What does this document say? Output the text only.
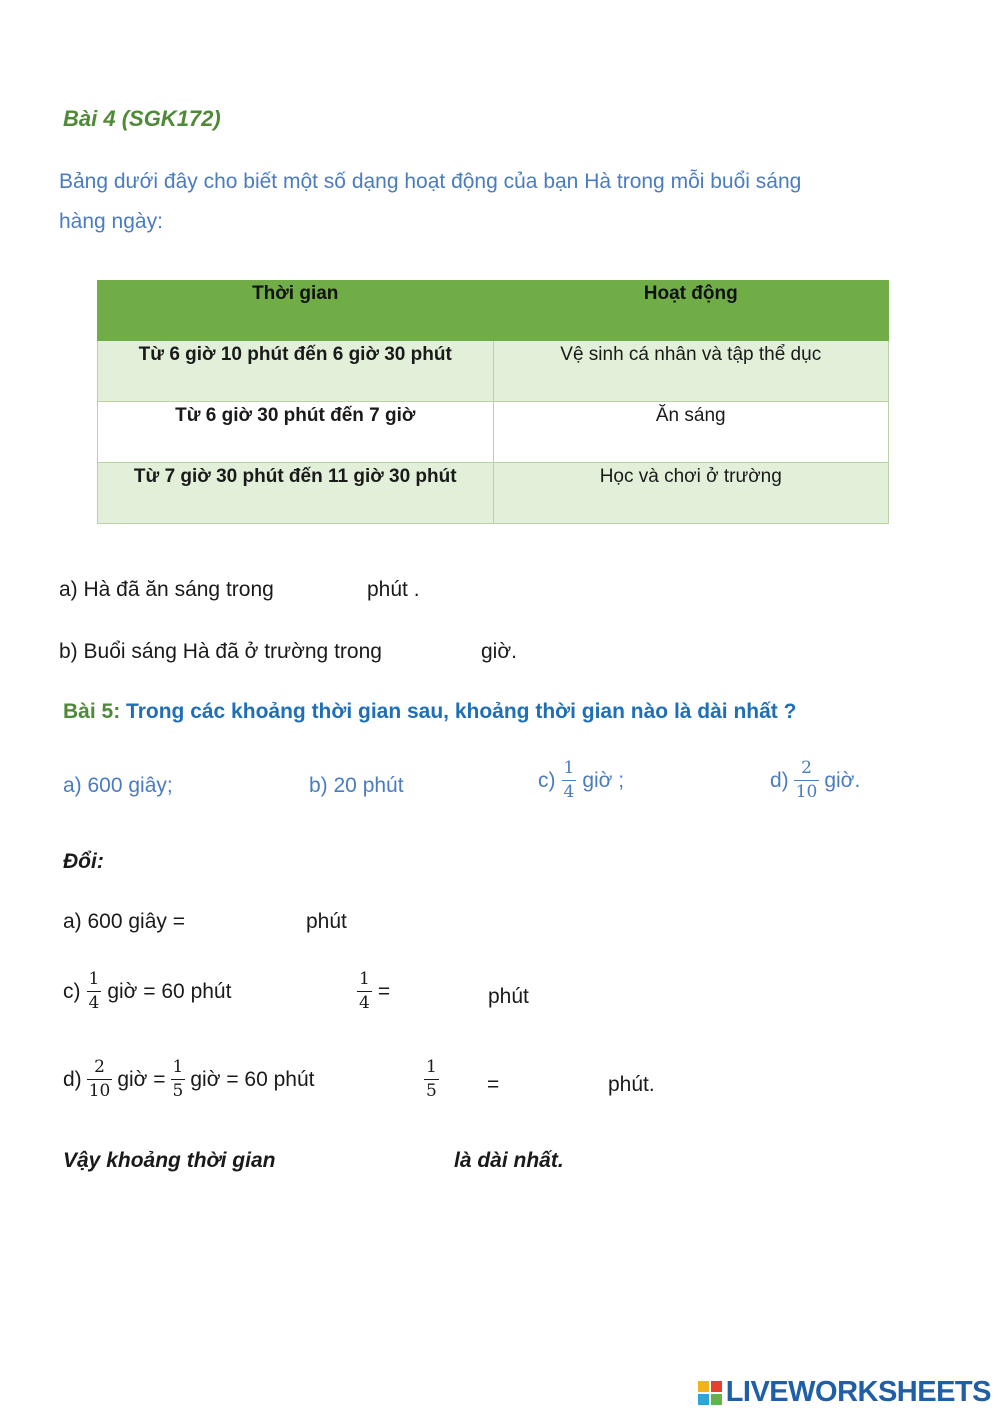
Bài 4 (SGK172)
Bảng dưới đây cho biết một số dạng hoạt động của bạn Hà trong mỗi buổi sáng
hàng ngày:
Thời gian	Hoạt động
Từ 6 giờ 10 phút đến 6 giờ 30 phút	Vệ sinh cá nhân và tập thể dục
Từ 6 giờ 30 phút đến 7 giờ	Ăn sáng
Từ 7 giờ 30 phút đến 11 giờ 30 phút	Học và chơi ở trường
a) Hà đã ăn sáng trong	phút .
b) Buổi sáng Hà đã ở trường trong	giờ.
Bài 5: Trong các khoảng thời gian sau, khoảng thời gian nào là dài nhất ?
a) 600 giây;	b) 20 phút	$c) \frac{1}{4}$ giờ ;	$d) \frac{2}{10}$ giờ.
Đổi:
a) 600 giây =	phút
$c) \frac{1}{4}$ giờ = 60 phút	$\frac{1}{4}$ =	phút
$d) \frac{2}{10}$ giờ = $\frac{1}{5}$ giờ = 60 phút	$\frac{1}{5}$ =	phút.
Vậy khoảng thời gian	là dài nhất.
LIVEWORKSHEETS
